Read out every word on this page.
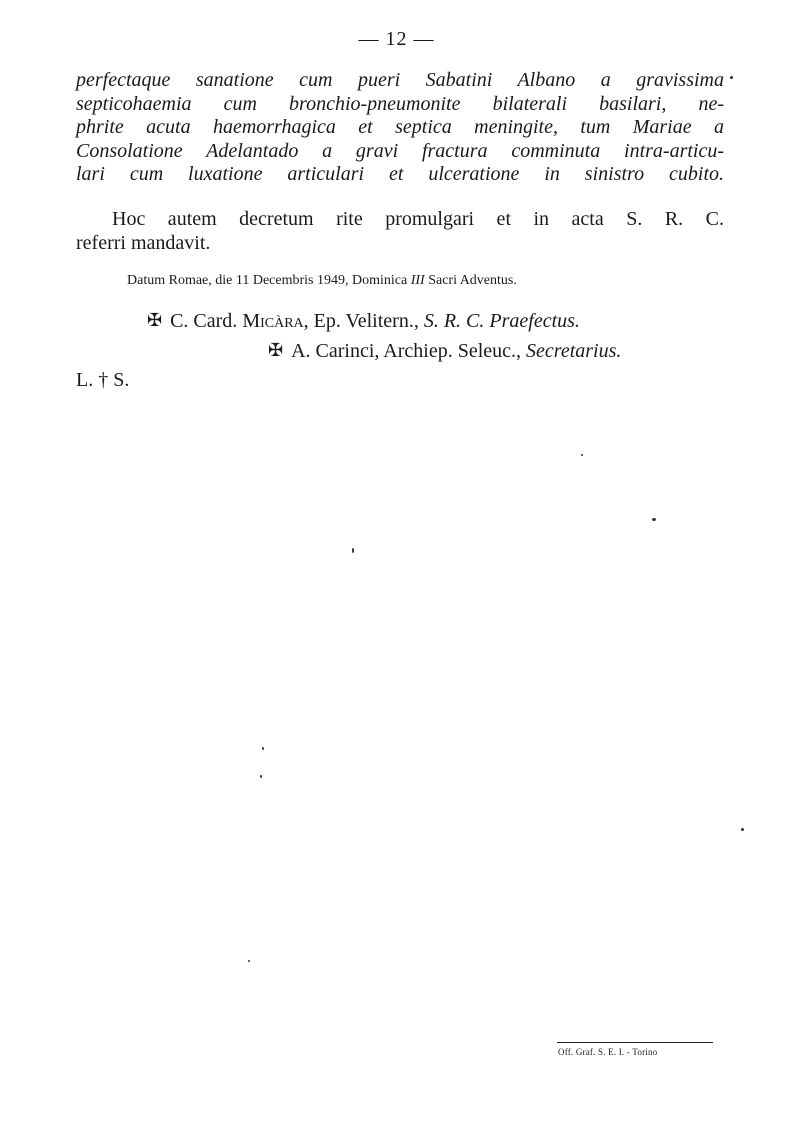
— 12 —
perfectaque sanatione cum pueri Sabatini Albano a gravissima
septicohaemia cum bronchio-pneumonite bilaterali basilari, ne-
phrite acuta haemorrhagica et septica meningite, tum Mariae a
Consolatione Adelantado a gravi fractura comminuta intra-articu-
lari cum luxatione articulari et ulceratione in sinistro cubito.
Hoc autem decretum rite promulgari et in acta S. R. C.
referri mandavit.
Datum Romae, die 11 Decembris 1949, Dominica III Sacri Adventus.
✠ C. Card. Micàra, Ep. Velitern., S. R. C. Praefectus.
✠ A. Carinci, Archiep. Seleuc., Secretarius.
L. † S.
Off. Graf. S. E. I. - Torino
